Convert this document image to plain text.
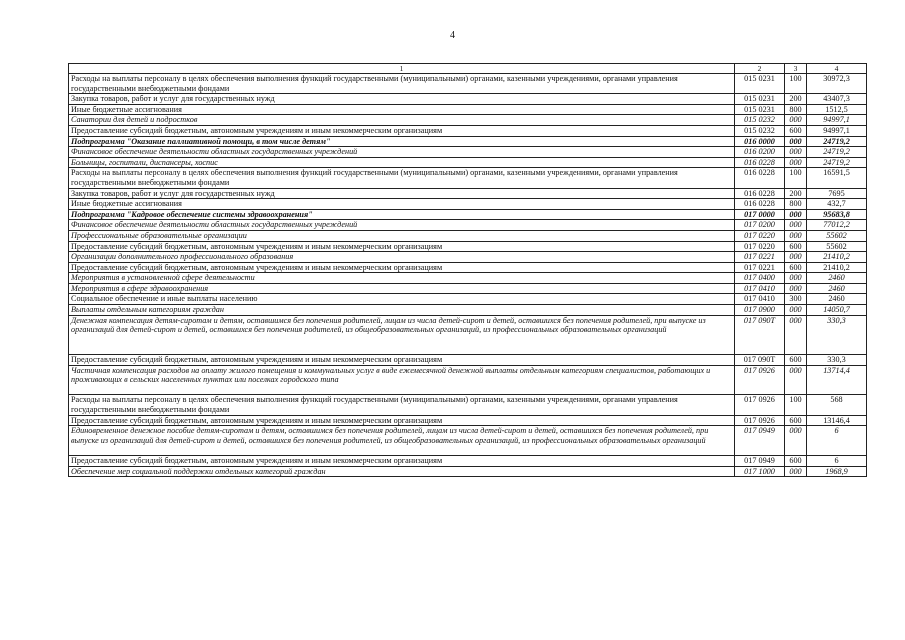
4
1	2	3	4
Расходы на выплаты персоналу в целях обеспечения выполнения функций государственными (муниципальными) органами, казенными учреждениями, органами управления государственными внебюджетными фондами	015 0231	100	30972,3
Закупка товаров, работ и услуг для государственных нужд	015 0231	200	43407,3
Иные бюджетные ассигнования	015 0231	800	1512,5
Санатории для детей и подростков	015 0232	000	94997,1
Предоставление субсидий бюджетным, автономным учреждениям и иным некоммерческим организациям	015 0232	600	94997,1
Подпрограмма "Оказание паллиативной помощи, в том числе детям"	016 0000	000	24719,2
Финансовое обеспечение деятельности областных государственных учреждений	016 0200	000	24719,2
Больницы, госпитали, диспансеры, хоспис	016 0228	000	24719,2
Расходы на выплаты персоналу в целях обеспечения выполнения функций государственными (муниципальными) органами, казенными учреждениями, органами управления государственными внебюджетными фондами	016 0228	100	16591,5
Закупка товаров, работ и услуг для государственных нужд	016 0228	200	7695
Иные бюджетные ассигнования	016 0228	800	432,7
Подпрограмма "Кадровое обеспечение системы здравоохранения"	017 0000	000	95683,8
Финансовое обеспечение деятельности областных государственных учреждений	017 0200	000	77012,2
Профессиональные образовательные организации	017 0220	000	55602
Предоставление субсидий бюджетным, автономным учреждениям и иным некоммерческим организациям	017 0220	600	55602
Организации дополнительного профессионального образования	017 0221	000	21410,2
Предоставление субсидий бюджетным, автономным учреждениям и иным некоммерческим организациям	017 0221	600	21410,2
Мероприятия в установленной сфере деятельности	017 0400	000	2460
Мероприятия в сфере здравоохранения	017 0410	000	2460
Социальное обеспечение и иные выплаты населению	017 0410	300	2460
Выплаты отдельным категориям граждан	017 0900	000	14050,7
Денежная компенсация детям-сиротам и детям, оставшимся без попечения родителей, лицам из числа детей-сирот и детей, оставшихся без попечения родителей, при выпуске из организаций для детей-сирот и детей, оставшихся без попечения родителей, из общеобразовательных организаций, из профессиональных образовательных организаций	017 090Т	000	330,3
Предоставление субсидий бюджетным, автономным учреждениям и иным некоммерческим организациям	017 090Т	600	330,3
Частичная компенсация расходов на оплату жилого помещения и коммунальных услуг в виде ежемесячной денежной выплаты отдельным категориям специалистов, работающих и проживающих в сельских населенных пунктах или поселках городского типа	017 0926	000	13714,4
Расходы на выплаты персоналу в целях обеспечения выполнения функций государственными (муниципальными) органами, казенными учреждениями, органами управления государственными внебюджетными фондами	017 0926	100	568
Предоставление субсидий бюджетным, автономным учреждениям и иным некоммерческим организациям	017 0926	600	13146,4
Единовременное денежное пособие детям-сиротам и детям, оставшимся без попечения родителей, лицам из числа детей-сирот и детей, оставшихся без попечения родителей, при выпуске из организаций для детей-сирот и детей, оставшихся без попечения родителей, из общеобразовательных организаций, из профессиональных образовательных организаций	017 0949	000	6
Предоставление субсидий бюджетным, автономным учреждениям и иным некоммерческим организациям	017 0949	600	6
Обеспечение мер социальной поддержки отдельных категорий граждан	017 1000	000	1968,9
